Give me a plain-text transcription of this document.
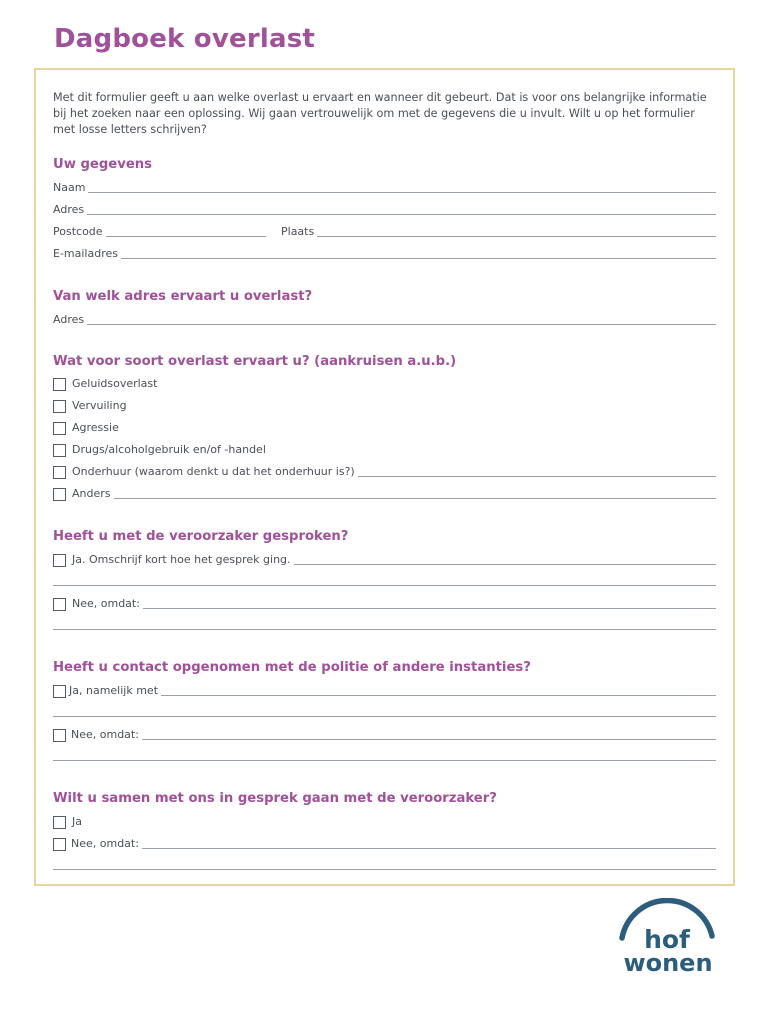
Dagboek overlast
Met dit formulier geeft u aan welke overlast u ervaart en wanneer dit gebeurt. Dat is voor ons belangrijke informatie bij het zoeken naar een oplossing. Wij gaan vertrouwelijk om met de gegevens die u invult. Wilt u op het formulier met losse letters schrijven?
Uw gegevens
Naam
Adres
Postcode	Plaats
E-mailadres
Van welk adres ervaart u overlast?
Adres
Wat voor soort overlast ervaart u? (aankruisen a.u.b.)
Geluidsoverlast
Vervuiling
Agressie
Drugs/alcoholgebruik en/of -handel
Onderhuur (waarom denkt u dat het onderhuur is?)
Anders
Heeft u met de veroorzaker gesproken?
Ja. Omschrijf kort hoe het gesprek ging.
Nee, omdat:
Heeft u contact opgenomen met de politie of andere instanties?
Ja, namelijk met
Nee, omdat:
Wilt u samen met ons in gesprek gaan met de veroorzaker?
Ja
Nee, omdat:
hof
wonen
